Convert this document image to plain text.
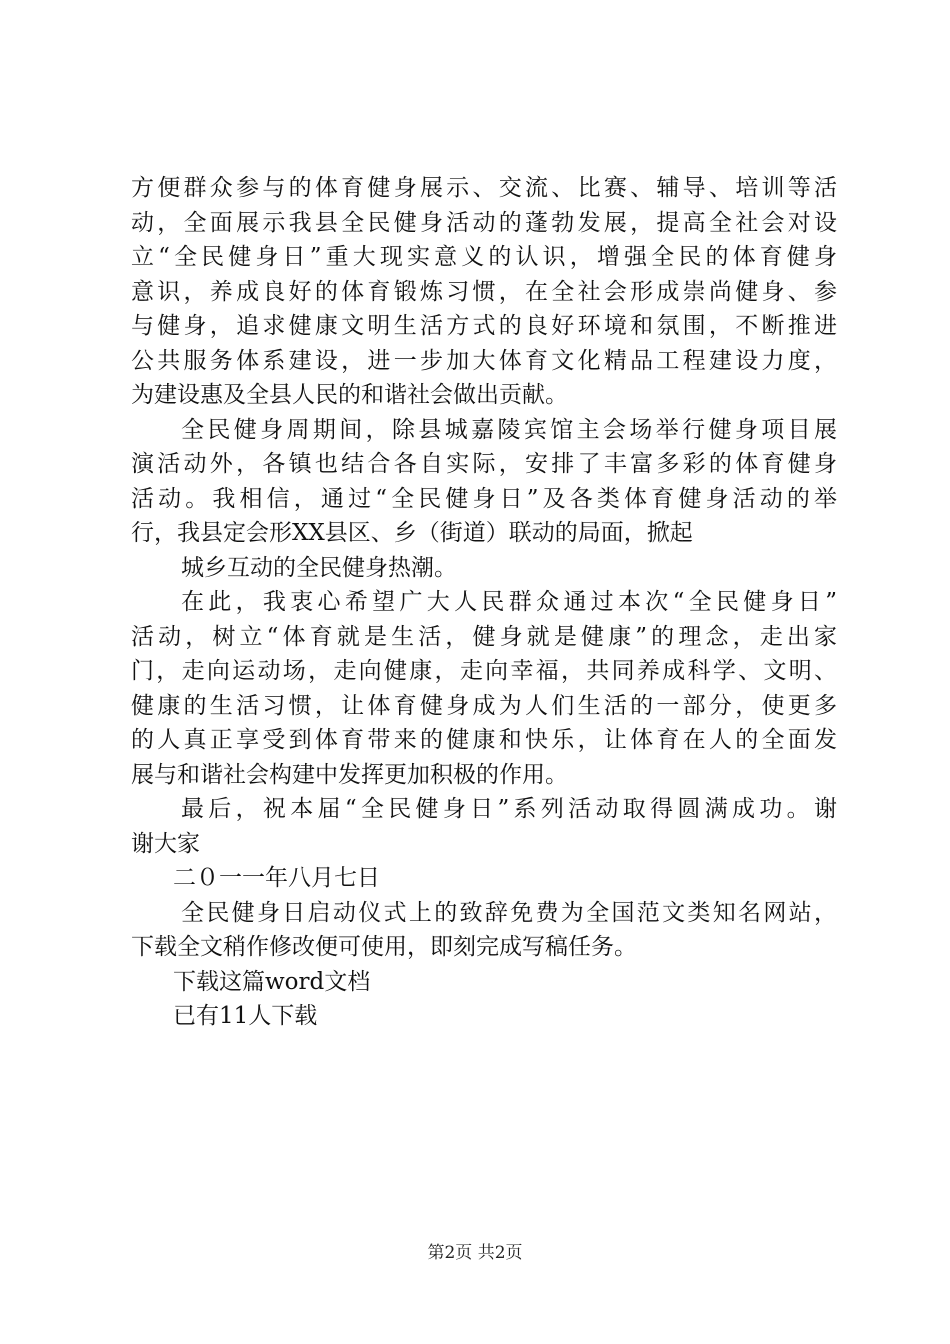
方便群众参与的体育健身展示、交流、比赛、辅导、培训等活
动，全面展示我县全民健身活动的蓬勃发展，提高全社会对设
立“全民健身日”重大现实意义的认识，增强全民的体育健身
意识，养成良好的体育锻炼习惯，在全社会形成崇尚健身、参
与健身，追求健康文明生活方式的良好环境和氛围，不断推进
公共服务体系建设，进一步加大体育文化精品工程建设力度，
为建设惠及全县人民的和谐社会做出贡献。
全民健身周期间，除县城嘉陵宾馆主会场举行健身项目展
演活动外，各镇也结合各自实际，安排了丰富多彩的体育健身
活动。我相信，通过“全民健身日”及各类体育健身活动的举
行，我县定会形XX县区、乡（街道）联动的局面，掀起
城乡互动的全民健身热潮。
在此，我衷心希望广大人民群众通过本次“全民健身日”
活动，树立“体育就是生活，健身就是健康”的理念，走出家
门，走向运动场，走向健康，走向幸福，共同养成科学、文明、
健康的生活习惯，让体育健身成为人们生活的一部分，使更多
的人真正享受到体育带来的健康和快乐，让体育在人的全面发
展与和谐社会构建中发挥更加积极的作用。
最后，祝本届“全民健身日”系列活动取得圆满成功。谢
谢大家
二０一一年八月七日
全民健身日启动仪式上的致辞免费为全国范文类知名网站，
下载全文稍作修改便可使用，即刻完成写稿任务。
下载这篇word文档
已有11人下载
第2页 共2页
